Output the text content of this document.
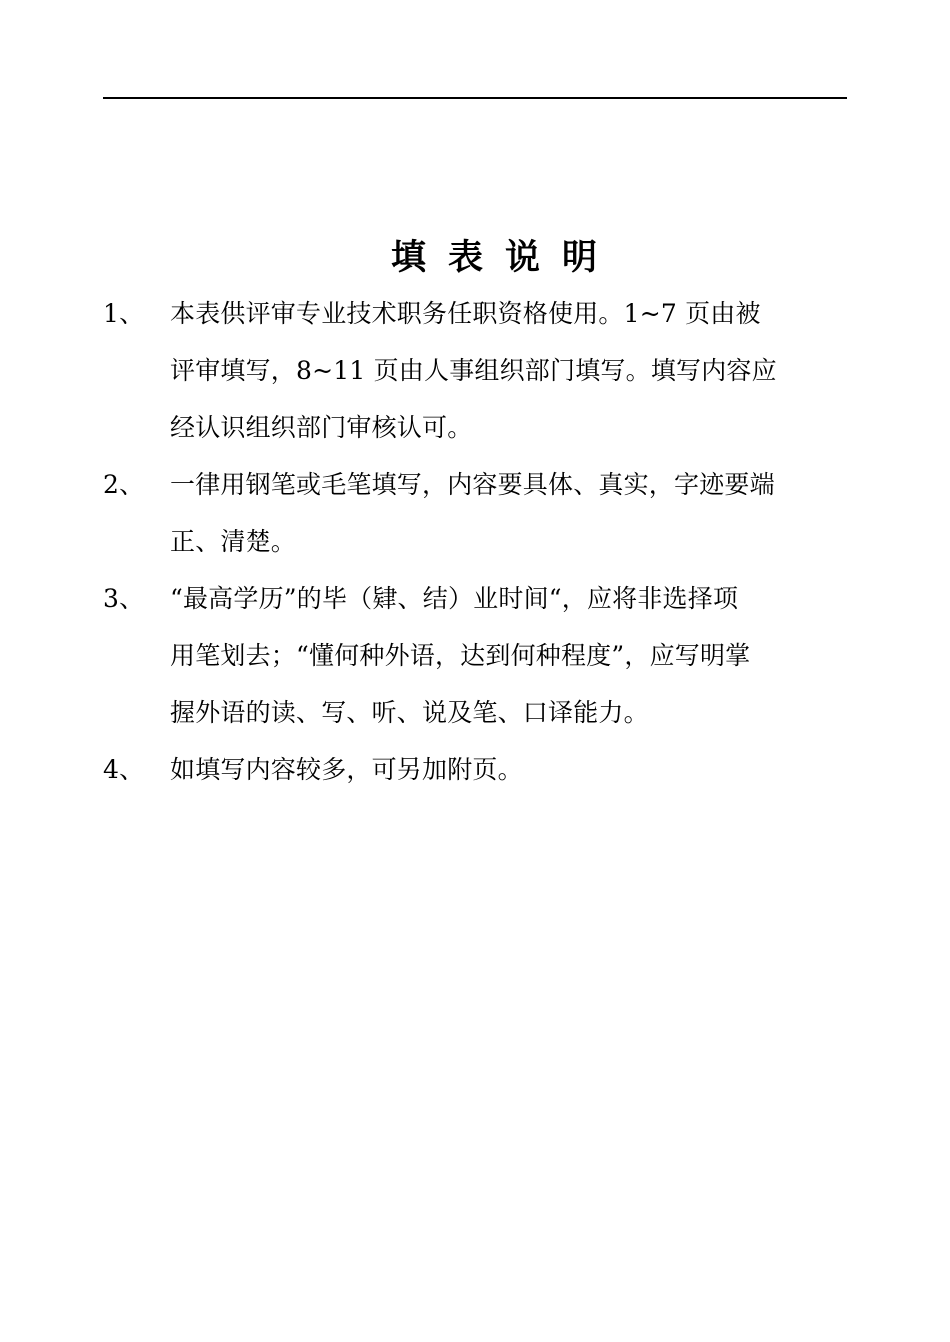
填表说明
1、	本表供评审专业技术职务任职资格使用。1~7 页由被
评审填写，8~11 页由人事组织部门填写。填写内容应
经认识组织部门审核认可。
2、	一律用钢笔或毛笔填写，内容要具体、真实，字迹要端
正、清楚。
3、	“最高学历”的毕（肄、结）业时间“，应将非选择项
用笔划去；“懂何种外语，达到何种程度”，应写明掌
握外语的读、写、听、说及笔、口译能力。
4、	如填写内容较多，可另加附页。
